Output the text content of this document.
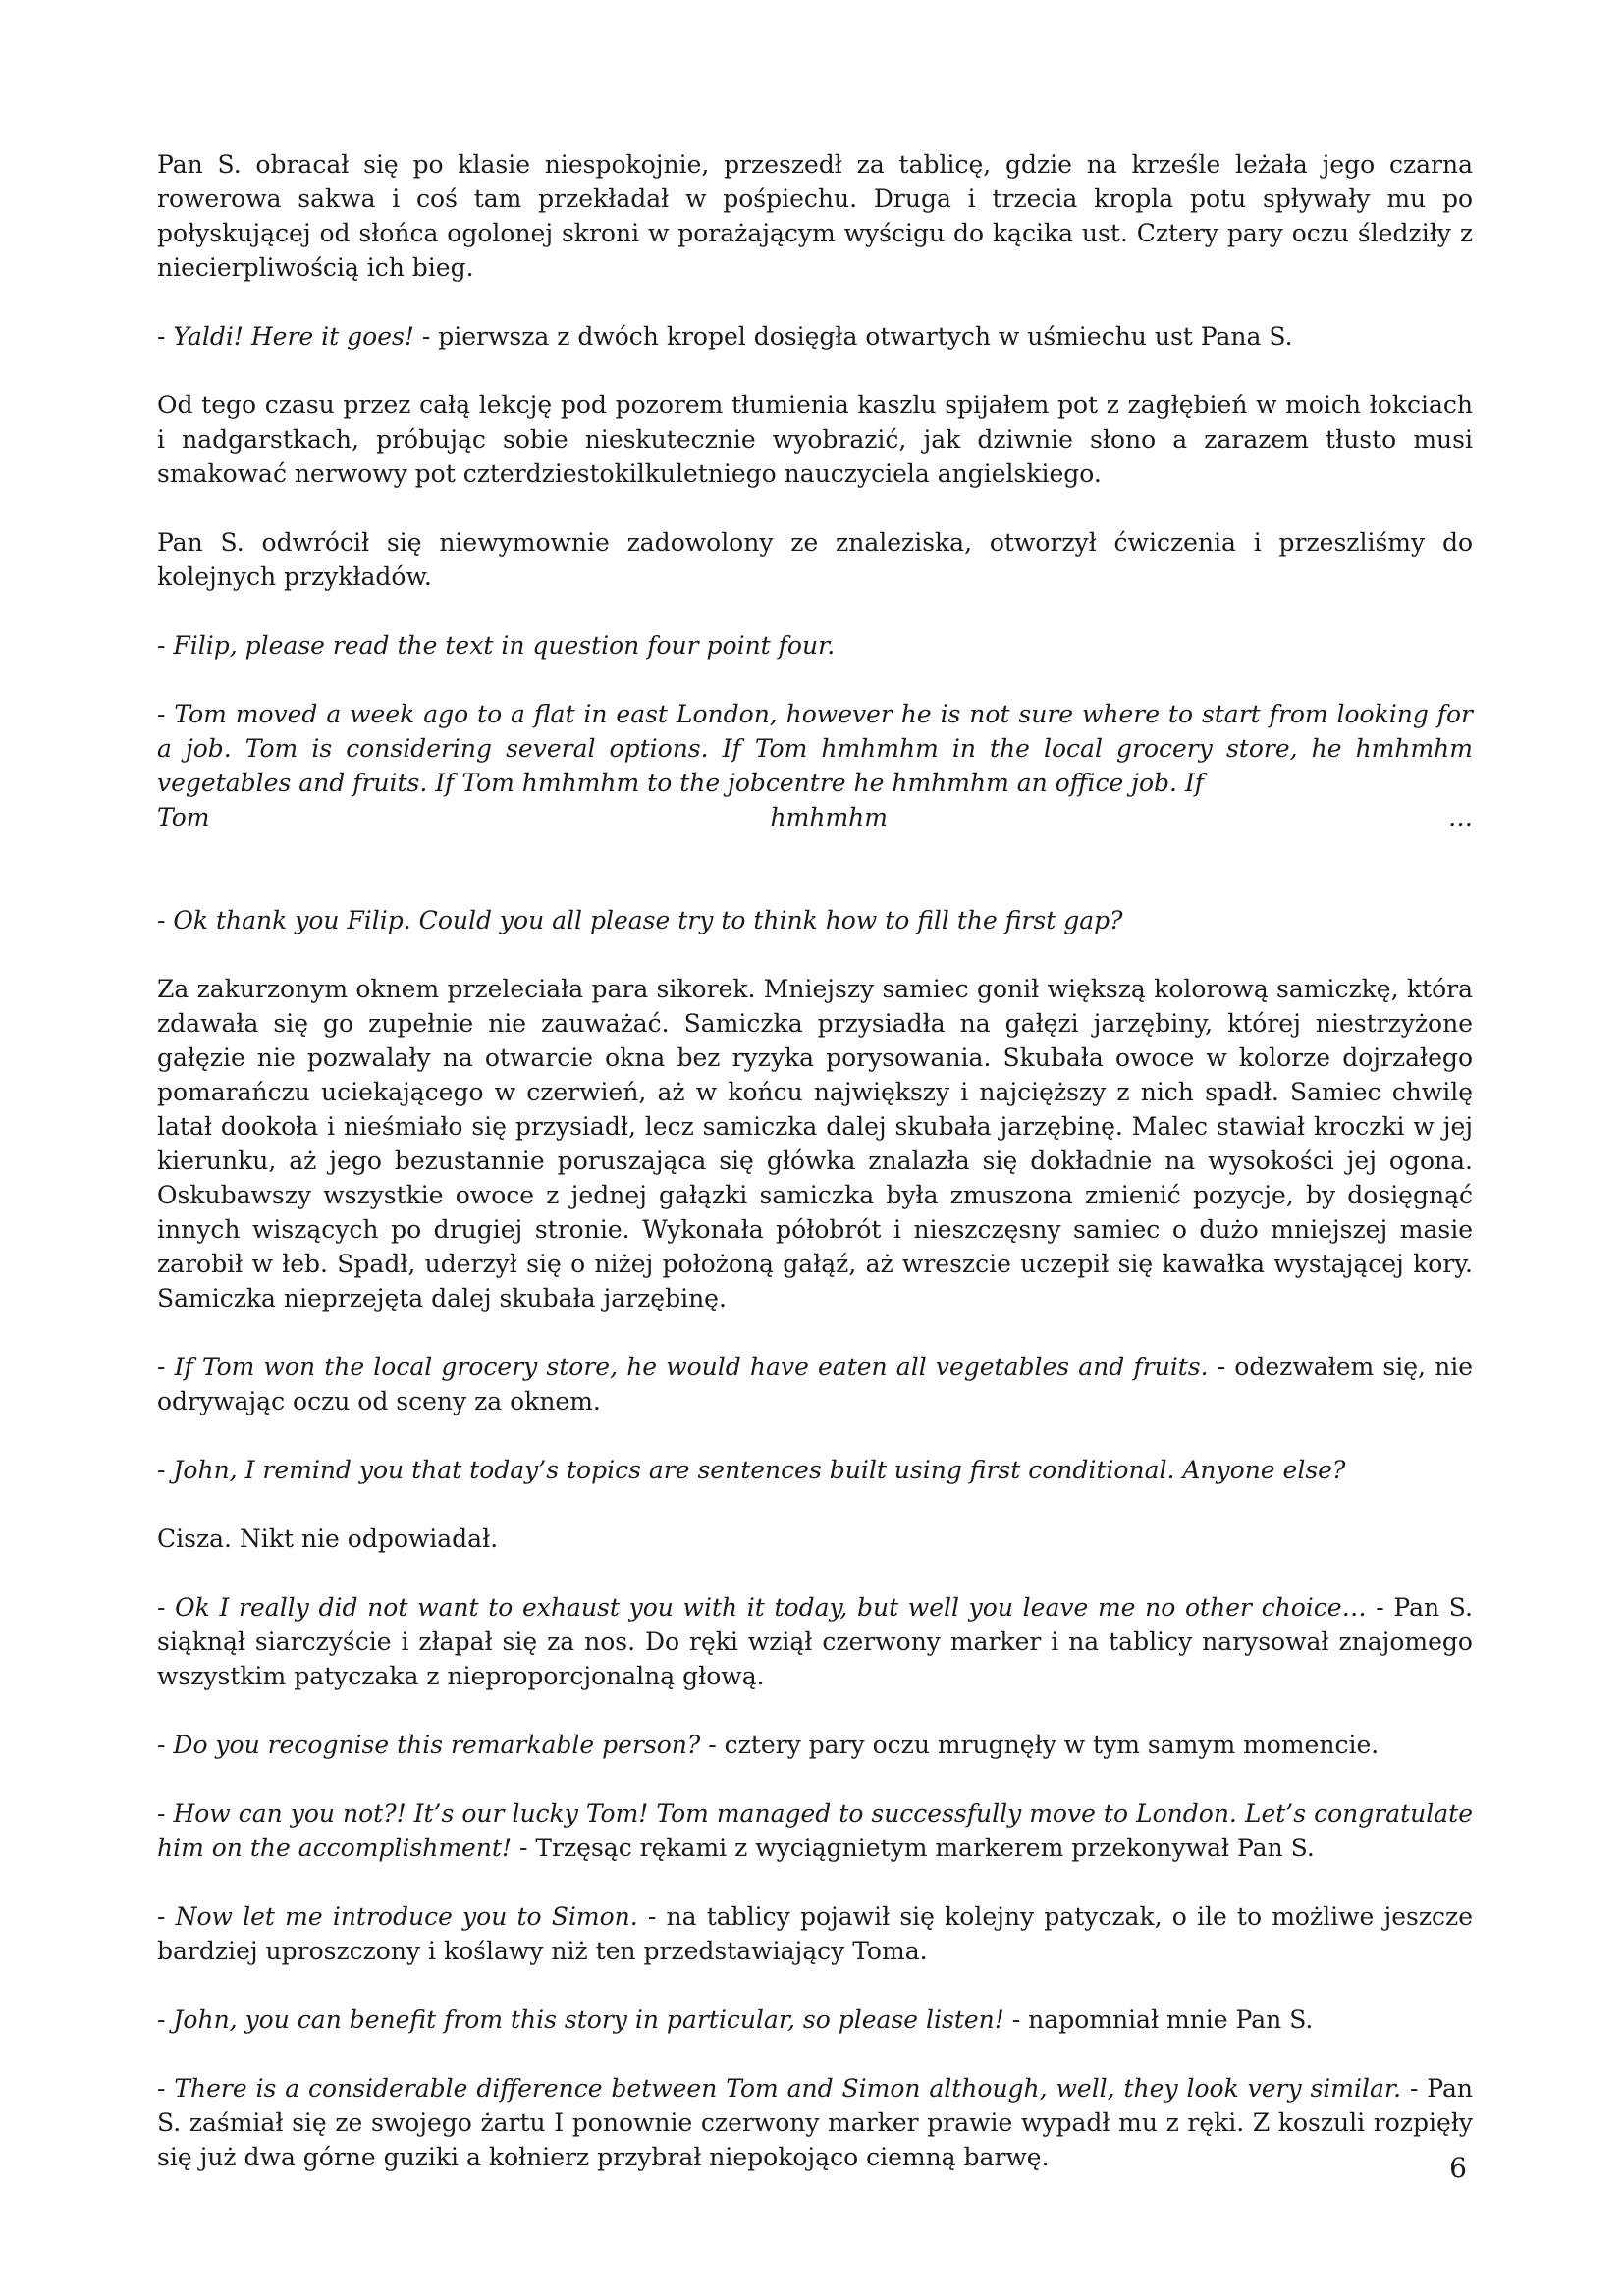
Pan S. obracał się po klasie niespokojnie, przeszedł za tablicę, gdzie na krześle leżała jego czarna rowerowa sakwa i coś tam przekładał w pośpiechu. Druga i trzecia kropla potu spływały mu po połyskującej od słońca ogolonej skroni w porażającym wyścigu do kącika ust. Cztery pary oczu śledziły z niecierpliwością ich bieg.

- Yaldi! Here it goes! - pierwsza z dwóch kropel dosięgła otwartych w uśmiechu ust Pana S.

Od tego czasu przez całą lekcję pod pozorem tłumienia kaszlu spijałem pot z zagłębień w moich łokciach i nadgarstkach, próbując sobie nieskutecznie wyobrazić, jak dziwnie słono a zarazem tłusto musi smakować nerwowy pot czterdziestokilkuletniego nauczyciela angielskiego.

Pan S. odwrócił się niewymownie zadowolony ze znaleziska, otworzył ćwiczenia i przeszliśmy do kolejnych przykładów.

- Filip, please read the text in question four point four.

- Tom moved a week ago to a flat in east London, however he is not sure where to start from looking for a job. Tom is considering several options. If Tom hmhmhm in the local grocery store, he hmhmhm vegetables and fruits. If Tom hmhmhm to the jobcentre he hmhmhm an office job. If

Tom	hmhmhm	…

- Ok thank you Filip. Could you all please try to think how to fill the first gap?

Za zakurzonym oknem przeleciała para sikorek. Mniejszy samiec gonił większą kolorową samiczkę, która zdawała się go zupełnie nie zauważać. Samiczka przysiadła na gałęzi jarzębiny, której niestrzyżone gałęzie nie pozwalały na otwarcie okna bez ryzyka porysowania. Skubała owoce w kolorze dojrzałego pomarańczu uciekającego w czerwień, aż w końcu największy i najcięższy z nich spadł. Samiec chwilę latał dookoła i nieśmiało się przysiadł, lecz samiczka dalej skubała jarzębinę. Malec stawiał kroczki w jej kierunku, aż jego bezustannie poruszająca się główka znalazła się dokładnie na wysokości jej ogona. Oskubawszy wszystkie owoce z jednej gałązki samiczka była zmuszona zmienić pozycje, by dosięgnąć innych wiszących po drugiej stronie. Wykonała półobrót i nieszczęsny samiec o dużo mniejszej masie zarobił w łeb. Spadł, uderzył się o niżej położoną gałąź, aż wreszcie uczepił się kawałka wystającej kory. Samiczka nieprzejęta dalej skubała jarzębinę.

- If Tom won the local grocery store, he would have eaten all vegetables and fruits. - odezwałem się, nie odrywając oczu od sceny za oknem.

- John, I remind you that today’s topics are sentences built using first conditional. Anyone else?

Cisza. Nikt nie odpowiadał.

- Ok I really did not want to exhaust you with it today, but well you leave me no other choice… - Pan S. siąknął siarczyście i złapał się za nos. Do ręki wziął czerwony marker i na tablicy narysował znajomego wszystkim patyczaka z nieproporcjonalną głową.

- Do you recognise this remarkable person? - cztery pary oczu mrugnęły w tym samym momencie.

- How can you not?! It’s our lucky Tom! Tom managed to successfully move to London. Let’s congratulate him on the accomplishment! - Trzęsąc rękami z wyciągnietym markerem przekonywał Pan S.

- Now let me introduce you to Simon. - na tablicy pojawił się kolejny patyczak, o ile to możliwe jeszcze bardziej uproszczony i koślawy niż ten przedstawiający Toma.

- John, you can benefit from this story in particular, so please listen! - napomniał mnie Pan S.

- There is a considerable difference between Tom and Simon although, well, they look very similar. - Pan S. zaśmiał się ze swojego żartu I ponownie czerwony marker prawie wypadł mu z ręki. Z koszuli rozpięły się już dwa górne guziki a kołnierz przybrał niepokojąco ciemną barwę.	6
